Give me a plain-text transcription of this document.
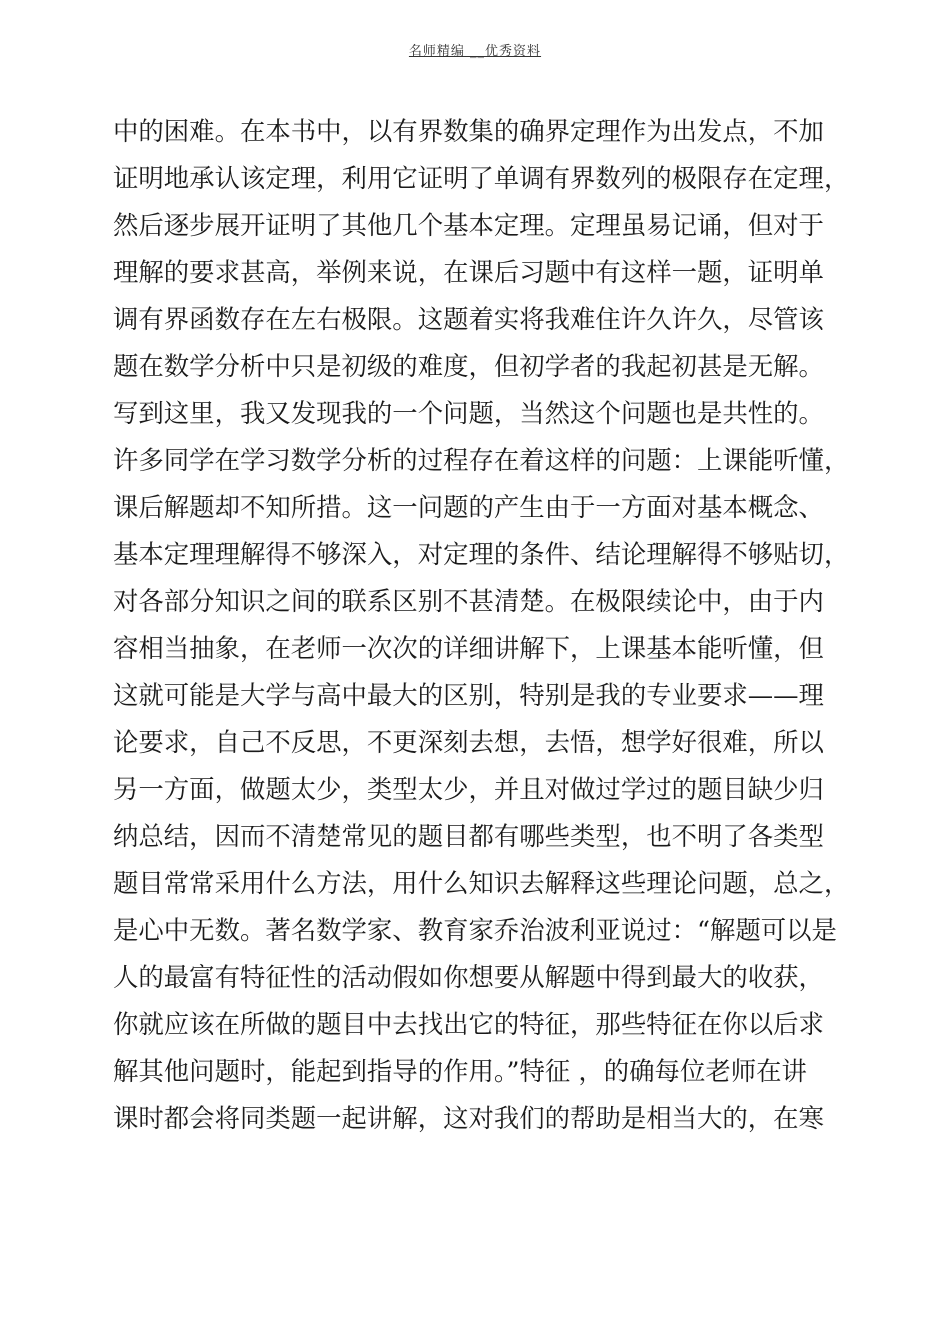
名师精编 __优秀资料
中的困难。在本书中，以有界数集的确界定理作为出发点，不加
证明地承认该定理，利用它证明了单调有界数列的极限存在定理，
然后逐步展开证明了其他几个基本定理。定理虽易记诵，但对于
理解的要求甚高，举例来说，在课后习题中有这样一题，证明单
调有界函数存在左右极限。这题着实将我难住许久许久，尽管该
题在数学分析中只是初级的难度，但初学者的我起初甚是无解。
写到这里，我又发现我的一个问题，当然这个问题也是共性的。
许多同学在学习数学分析的过程存在着这样的问题：上课能听懂，
课后解题却不知所措。这一问题的产生由于一方面对基本概念、
基本定理理解得不够深入，对定理的条件、结论理解得不够贴切，
对各部分知识之间的联系区别不甚清楚。在极限续论中，由于内
容相当抽象，在老师一次次的详细讲解下，上课基本能听懂，但
这就可能是大学与高中最大的区别，特别是我的专业要求——理
论要求，自己不反思，不更深刻去想，去悟，想学好很难，所以
另一方面，做题太少，类型太少，并且对做过学过的题目缺少归
纳总结，因而不清楚常见的题目都有哪些类型，也不明了各类型
题目常常采用什么方法，用什么知识去解释这些理论问题，总之，
是心中无数。著名数学家、教育家乔治波利亚说过：“解题可以是
人的最富有特征性的活动假如你想要从解题中得到最大的收获，
你就应该在所做的题目中去找出它的特征，那些特征在你以后求
解其他问题时，能起到指导的作用。”特征 ，的确每位老师在讲
课时都会将同类题一起讲解，这对我们的帮助是相当大的，在寒
